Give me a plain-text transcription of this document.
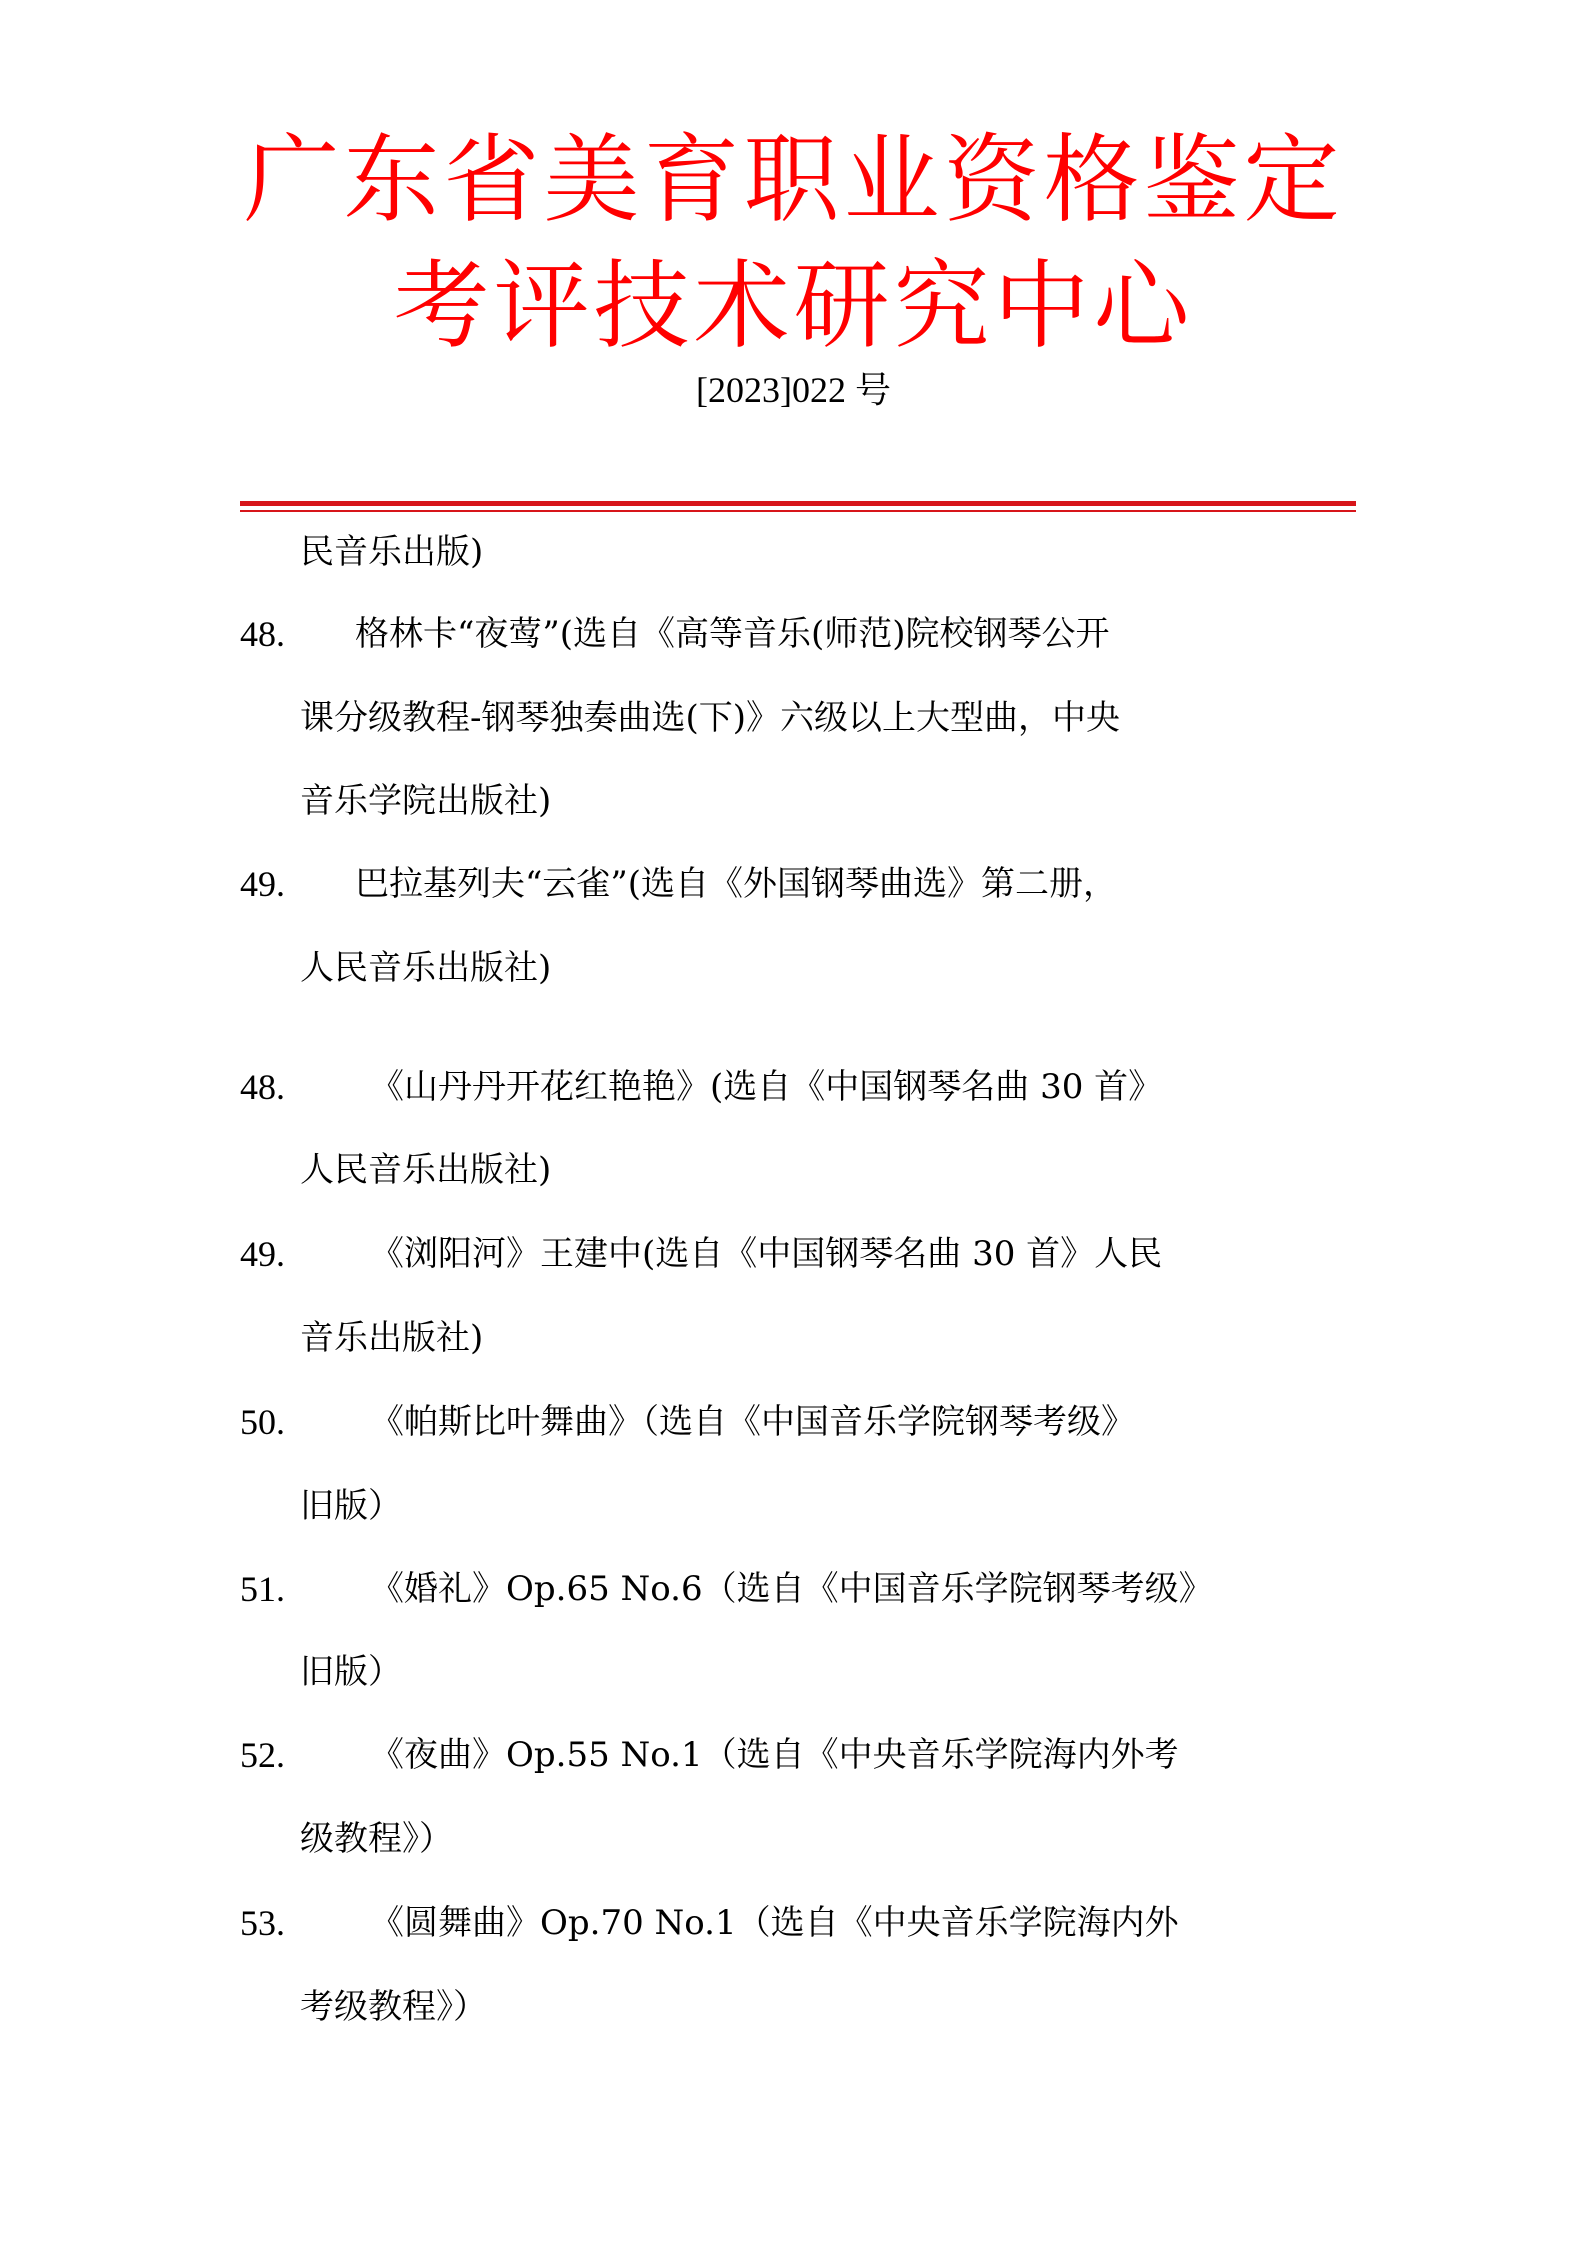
广东省美育职业资格鉴定
考评技术研究中心
[2023]022 号
民音乐出版)
48.	格林卡“夜莺”(选自《高等音乐(师范)院校钢琴公开
课分级教程-钢琴独奏曲选(下)》六级以上大型曲，中央
音乐学院出版社)
49.	巴拉基列夫“云雀”(选自《外国钢琴曲选》第二册，
人民音乐出版社)
48.	《山丹丹开花红艳艳》(选自《中国钢琴名曲 30 首》
人民音乐出版社)
49.	《浏阳河》王建中(选自《中国钢琴名曲 30 首》人民
音乐出版社)
50.	《帕斯比叶舞曲》（选自《中国音乐学院钢琴考级》
旧版）
51.	《婚礼》Op.65 No.6（选自《中国音乐学院钢琴考级》
旧版）
52.	《夜曲》Op.55 No.1（选自《中央音乐学院海内外考
级教程》）
53.	《圆舞曲》Op.70 No.1（选自《中央音乐学院海内外
考级教程》）
